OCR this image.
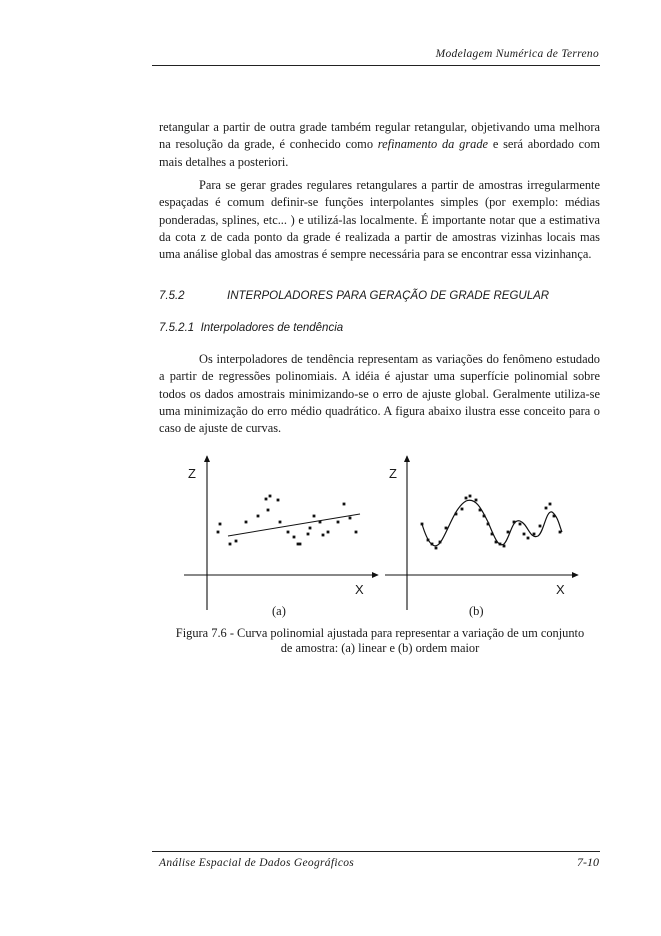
Modelagem Numérica de Terreno

retangular a partir de outra grade também regular retangular, objetivando uma melhora na resolução da grade, é conhecido como refinamento da grade e será abordado com mais detalhes a posteriori.

Para se gerar grades regulares retangulares a partir de amostras irregularmente espaçadas é comum definir-se funções interpolantes simples (por exemplo: médias ponderadas, splines, etc... ) e utilizá-las localmente. É importante notar que a estimativa da cota z de cada ponto da grade é realizada a partir de amostras vizinhas locais mas uma análise global das amostras é sempre necessária para se encontrar essa vizinhança.

7.5.2	INTERPOLADORES PARA GERAÇÃO DE GRADE REGULAR
7.5.2.1 Interpoladores de tendência

Os interpoladores de tendência representam as variações do fenômeno estudado a partir de regressões polinomiais. A idéia é ajustar uma superfície polinomial sobre todos os dados amostrais minimizando-se o erro de ajuste global. Geralmente utiliza-se uma minimização do erro médio quadrático. A figura abaixo ilustra esse conceito para o caso de ajuste de curvas.

Z
X
(a)
Z
X
(b)
Figura 7.6 - Curva polinomial ajustada para representar a variação de um conjunto
de amostra: (a) linear e (b) ordem maior
Análise Espacial de Dados Geográficos	7-10
